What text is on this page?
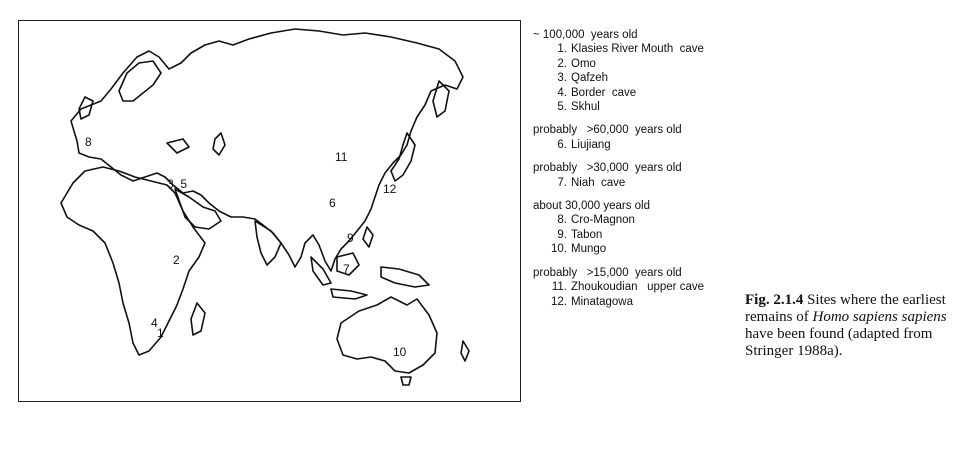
1
2
3, 5
4
6
7
8
9
10
11
12
~ 100,000  years old
1. Klasies River Mouth  cave
2. Omo
3. Qafzeh
4. Border  cave
5. Skhul
probably   >60,000  years old
6. Liujiang
probably   >30,000  years old
7. Niah  cave
about 30,000 years old
8. Cro-Magnon
9. Tabon
10. Mungo
probably   >15,000  years old
11. Zhoukoudian   upper cave
12. Minatagowa	Fig. 2.1.4 Sites where the earliest remains of Homo sapiens sapiens have been found (adapted from Stringer 1988a).
